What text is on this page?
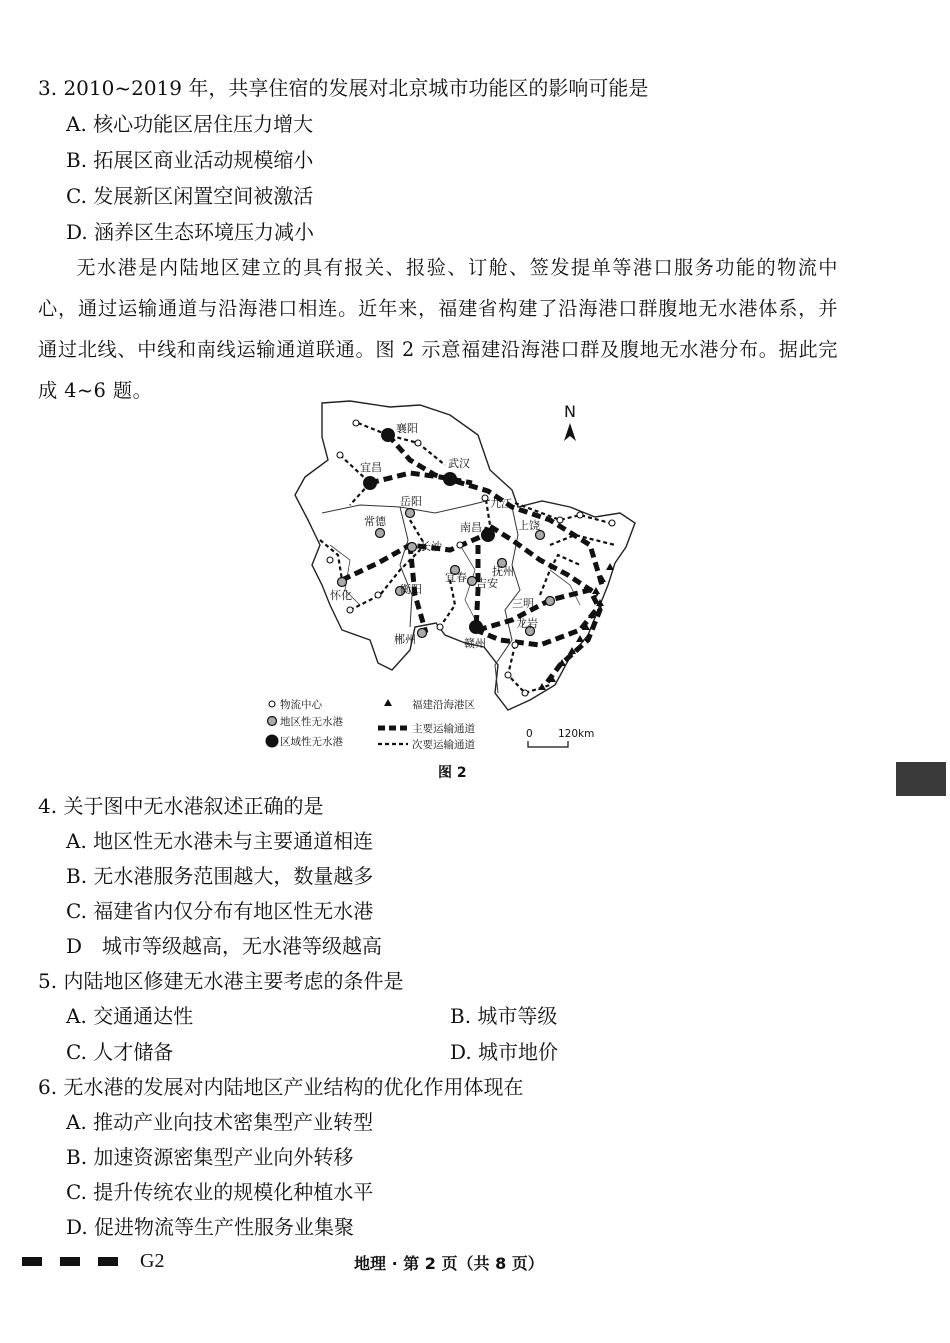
3. 2010~2019 年，共享住宿的发展对北京城市功能区的影响可能是
A. 核心功能区居住压力增大
B. 拓展区商业活动规模缩小
C. 发展新区闲置空间被激活
D. 涵养区生态环境压力减小

无水港是内陆地区建立的具有报关、报验、订舱、签发提单等港口服务功能的物流中心，通过运输通道与沿海港口相连。近年来，福建省构建了沿海港口群腹地无水港体系，并通过北线、中线和南线运输通道联通。图 2 示意福建沿海港口群及腹地无水港分布。据此完成 4~6 题。

襄阳
宜昌	武汉
九江
岳阳
常德	南昌	上饶
长沙
抚州
宜春 吉安
怀化	衡阳
三明
龙岩
郴州	赣州
N
物流中心
地区性无水港
区域性无水港
福建沿海港区
主要运输通道
次要运输通道
0 120km
图 2
4. 关于图中无水港叙述正确的是
A. 地区性无水港未与主要通道相连
B. 无水港服务范围越大，数量越多
C. 福建省内仅分布有地区性无水港
D　城市等级越高，无水港等级越高
5. 内陆地区修建无水港主要考虑的条件是
A. 交通通达性	B. 城市等级
C. 人才储备	D. 城市地价
6. 无水港的发展对内陆地区产业结构的优化作用体现在
A. 推动产业向技术密集型产业转型
B. 加速资源密集型产业向外转移
C. 提升传统农业的规模化种植水平
D. 促进物流等生产性服务业集聚
G2	地理 · 第 2 页（共 8 页）
